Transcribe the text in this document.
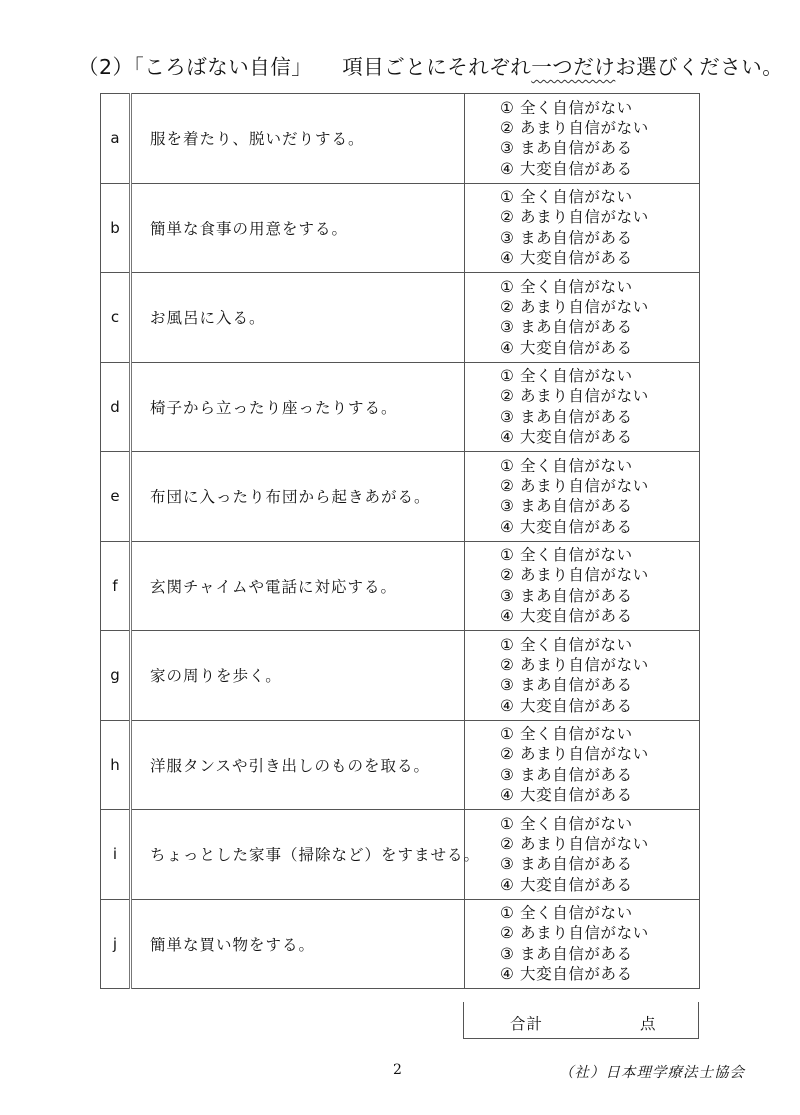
（2）「ころばない自信」 項目ごとにそれぞれ一つだけお選びください。
a	服を着たり、脱いだりする。	① 全く自信がない
② あまり自信がない
③ まあ自信がある
④ 大変自信がある

b	簡単な食事の用意をする。	① 全く自信がない
② あまり自信がない
③ まあ自信がある
④ 大変自信がある

c	お風呂に入る。	① 全く自信がない
② あまり自信がない
③ まあ自信がある
④ 大変自信がある

d	椅子から立ったり座ったりする。	① 全く自信がない
② あまり自信がない
③ まあ自信がある
④ 大変自信がある

e	布団に入ったり布団から起きあがる。	① 全く自信がない
② あまり自信がない
③ まあ自信がある
④ 大変自信がある

f	玄関チャイムや電話に対応する。	① 全く自信がない
② あまり自信がない
③ まあ自信がある
④ 大変自信がある

g	家の周りを歩く。	① 全く自信がない
② あまり自信がない
③ まあ自信がある
④ 大変自信がある

h	洋服タンスや引き出しのものを取る。	① 全く自信がない
② あまり自信がない
③ まあ自信がある
④ 大変自信がある

i	ちょっとした家事（掃除など）をすませる。	① 全く自信がない
② あまり自信がない
③ まあ自信がある
④ 大変自信がある

j	簡単な買い物をする。	① 全く自信がない
② あまり自信がない
③ まあ自信がある
④ 大変自信がある
合計	点
2	（社）日本理学療法士協会
